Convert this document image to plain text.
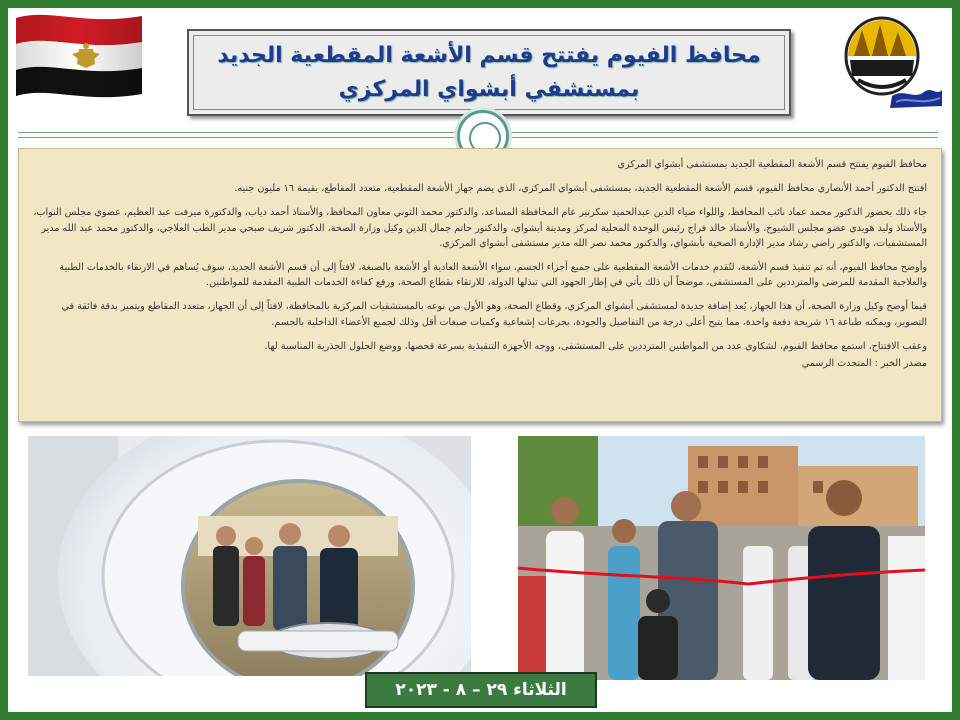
محافظ الفيوم يفتتح قسم الأشعة المقطعية الجديد بمستشفي أبشواي المركزي

محافظ الفيوم يفتتح قسم الأشعة المقطعية الجديد بمستشفى أبشواي المركزي

افتتح الدكتور أحمد الأنصاري محافظ الفيوم، قسم الأشعة المقطعية الجديد، بمستشفى أبشواي المركزي، الذي يضم جهاز الأشعة المقطعية، متعدد المقاطع، بقيمة ١٦ مليون جنيه.

جاء ذلك بحضور الدكتور محمد عماد نائب المحافظ، واللواء ضياء الدين عبدالحميد سكرتير عام المحافظة المساعد، والدكتور محمد التوني معاون المحافظ، والأستاذ أحمد دياب، والدكتورة ميرفت عبد العظيم، عضوي مجلس النواب، والأستاذ وليد هويدي عضو مجلس الشيوخ، والأستاذ خالد فراج رئيس الوحدة المحلية لمركز ومدينة أبشواي، والدكتور حاتم جمال الدين وكيل وزارة الصحة، الدكتور شريف صبحي مدير الطب العلاجي، والدكتور محمد عبد الله مدير المستشفيات، والدكتور راضي رشاد مدير الإدارة الصحية بأبشواي، والدكتور محمد نصر الله مدير مستشفى أبشواي المركزي.

وأوضح محافظ الفيوم، أنه تم تنفيذ قسم الأشعة، لتُقدم خدمات الأشعة المقطعية على جميع أجزاء الجسم، سواء الأشعة العادية أو الأشعة بالصبغة، لافتاً إلى أن قسم الأشعة الجديد، سوف يُساهم في الارتقاء بالخدمات الطبية والعلاجية المقدمة للمرضى والمترددين على المستشفى، موضحاً أن ذلك يأتي في إطار الجهود التي تبذلها الدولة، للارتقاء بقطاع الصحة، ورفع كفاءة الخدمات الطبية المقدمة للمواطنين.

فيما أوضح وكيل وزارة الصحة، أن هذا الجهاز، يُعد إضافة جديدة لمستشفى أبشواي المركزي، وقطاع الصحة، وهو الأول من نوعه بالمستشفيات المركزية بالمحافظة، لافتاً إلى أن الجهاز، متعدد المقاطع ويتميز بدقة فائقة في التصوير، ويمكنه طباعة ١٦ شريحة دفعة واحدة، مما يتيح أعلى درجة من التفاصيل والجودة، بجرعات إشعاعية وكميات صبغات أقل وذلك لجميع الأعضاء الداخلية بالجسم.

وعقب الافتتاح، استمع محافظ الفيوم، لشكاوي عدد من المواطنين المترددين على المستشفى، ووجه الأجهزة التنفيذية بسرعة فحصها، ووضع الحلول الجذرية المناسبة لها.

مصدر الخبر : المتحدث الرسمي

الثلاثاء ٢٩ – ٨ - ٢٠٢٣
